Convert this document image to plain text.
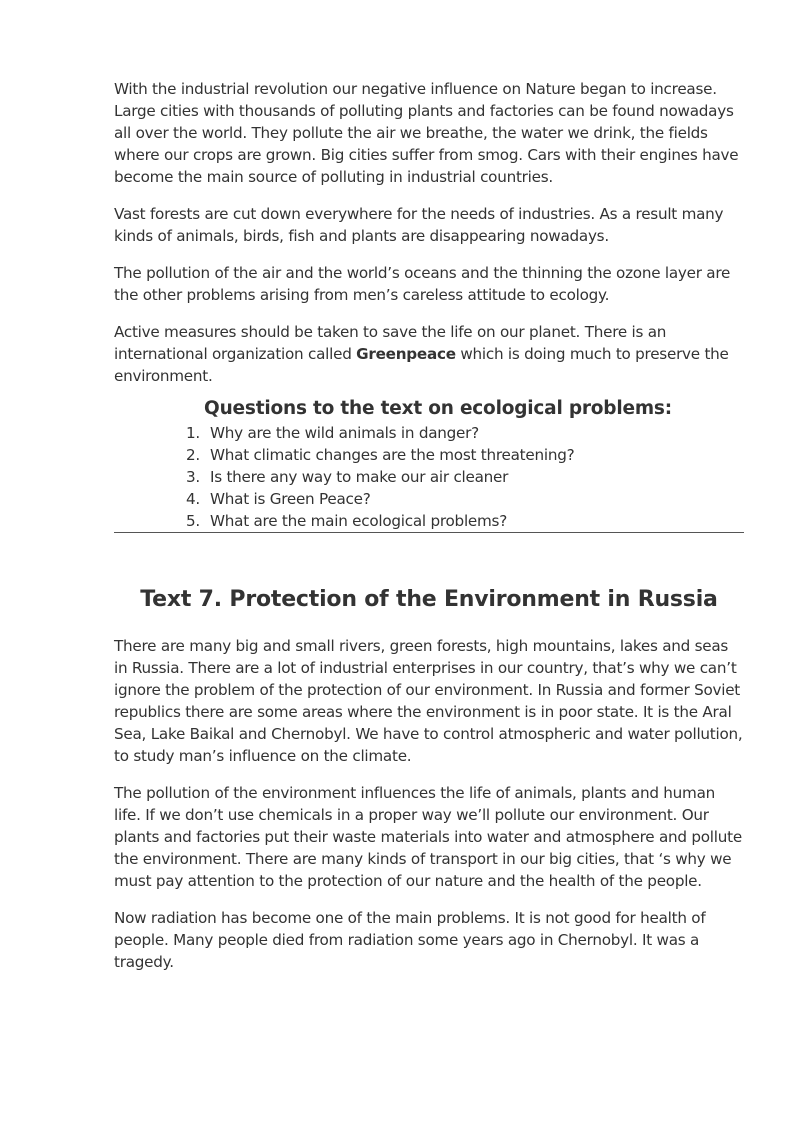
With the industrial revolution our negative influence on Nature began to increase. Large cities with thousands of polluting plants and factories can be found nowadays all over the world. They pollute the air we breathe, the water we drink, the fields where our crops are grown. Big cities suffer from smog. Cars with their engines have become the main source of polluting in industrial countries.

Vast forests are cut down everywhere for the needs of industries. As a result many kinds of animals, birds, fish and plants are disappearing nowadays.

The pollution of the air and the world’s oceans and the thinning the ozone layer are the other problems arising from men’s careless attitude to ecology.

Active measures should be taken to save the life on our planet. There is an international organization called Greenpeace which is doing much to preserve the environment.

Questions to the text on ecological problems:
1. Why are the wild animals in danger?
2. What climatic changes are the most threatening?
3. Is there any way to make our air cleaner
4. What is Green Peace?
5. What are the main ecological problems?
Text 7. Protection of the Environment in Russia

There are many big and small rivers, green forests, high mountains, lakes and seas in Russia. There are a lot of industrial enterprises in our country, that’s why we can’t ignore the problem of the protection of our environment. In Russia and former Soviet republics there are some areas where the environment is in poor state. It is the Aral Sea, Lake Baikal and Chernobyl. We have to control atmospheric and water pollution, to study man’s influence on the climate.

The pollution of the environment influences the life of animals, plants and human life. If we don’t use chemicals in a proper way we’ll pollute our environment. Our plants and factories put their waste materials into water and atmosphere and pollute the environment. There are many kinds of transport in our big cities, that ‘s why we must pay attention to the protection of our nature and the health of the people.

Now radiation has become one of the main problems. It is not good for health of people. Many people died from radiation some years ago in Chernobyl. It was a tragedy.
